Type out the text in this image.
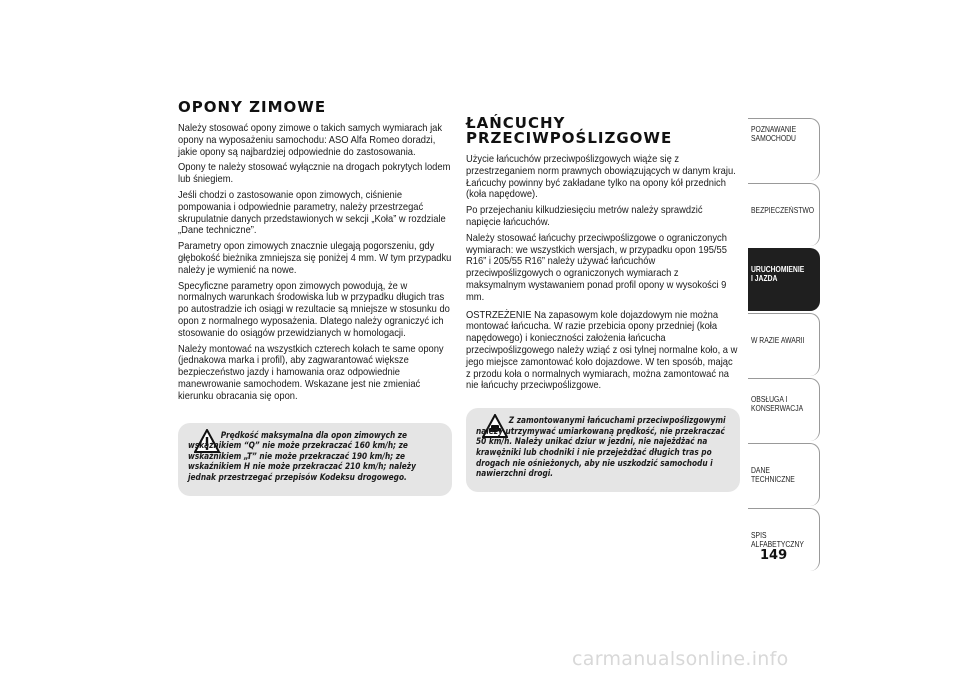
OPONY ZIMOWE

Należy stosować opony zimowe o takich samych wymiarach jak opony na wyposażeniu samochodu: ASO Alfa Romeo doradzi, jakie opony są najbardziej odpowiednie do zastosowania.

Opony te należy stosować wyłącznie na drogach pokrytych lodem lub śniegiem.

Jeśli chodzi o zastosowanie opon zimowych, ciśnienie pompowania i odpowiednie parametry, należy przestrzegać skrupulatnie danych przedstawionych w sekcji „Koła” w rozdziale „Dane techniczne”.

Parametry opon zimowych znacznie ulegają pogorszeniu, gdy głębokość bieżnika zmniejsza się poniżej 4 mm. W tym przypadku należy je wymienić na nowe.

Specyficzne parametry opon zimowych powodują, że w normalnych warunkach środowiska lub w przypadku długich tras po autostradzie ich osiągi w rezultacie są mniejsze w stosunku do opon z normalnego wyposażenia. Dlatego należy ograniczyć ich stosowanie do osiągów przewidzianych w homologacji.

Należy montować na wszystkich czterech kołach te same opony (jednakowa marka i profil), aby zagwarantować większe bezpieczeństwo jazdy i hamowania oraz odpowiednie manewrowanie samochodem. Wskazane jest nie zmieniać kierunku obracania się opon.

Prędkość maksymalna dla opon zimowych ze wskaźnikiem “Q” nie może przekraczać 160 km/h; ze wskaźnikiem „T” nie może przekraczać 190 km/h; ze wskaźnikiem H nie może przekraczać 210 km/h; należy jednak przestrzegać przepisów Kodeksu drogowego.
ŁAŃCUCHY
PRZECIWPOŚLIZGOWE

Użycie łańcuchów przeciwpoślizgowych wiąże się z przestrzeganiem norm prawnych obowiązujących w danym kraju. Łańcuchy powinny być zakładane tylko na opony kół przednich (koła napędowe).

Po przejechaniu kilkudziesięciu metrów należy sprawdzić napięcie łańcuchów.

Należy stosować łańcuchy przeciwpoślizgowe o ograniczonych wymiarach: we wszystkich wersjach, w przypadku opon 195/55 R16” i 205/55 R16” należy używać łańcuchów przeciwpoślizgowych o ograniczonych wymiarach z maksymalnym wystawaniem ponad profil opony w wysokości 9 mm.

OSTRZEŻENIE Na zapasowym kole dojazdowym nie można montować łańcucha. W razie przebicia opony przedniej (koła napędowego) i konieczności założenia łańcucha przeciwpoślizgowego należy wziąć z osi tylnej normalne koło, a w jego miejsce zamontować koło dojazdowe. W ten sposób, mając z przodu koła o normalnych wymiarach, można zamontować na nie łańcuchy przeciwpoślizgowe.

Z zamontowanymi łańcuchami przeciwpoślizgowymi należy utrzymywać umiarkowaną prędkość, nie przekraczać 50 km/h. Należy unikać dziur w jezdni, nie najeżdżać na krawężniki lub chodniki i nie przejeżdżać długich tras po drogach nie ośnieżonych, aby nie uszkodzić samochodu i nawierzchni drogi.
POZNAWANIE SAMOCHODU
BEZPIECZEŃSTWO
URUCHOMIENIE I JAZDA
W RAZIE AWARII
OBSŁUGA I KONSERWACJA
DANE TECHNICZNE
SPIS ALFABETYCZNY
149
carmanualsonline.info
